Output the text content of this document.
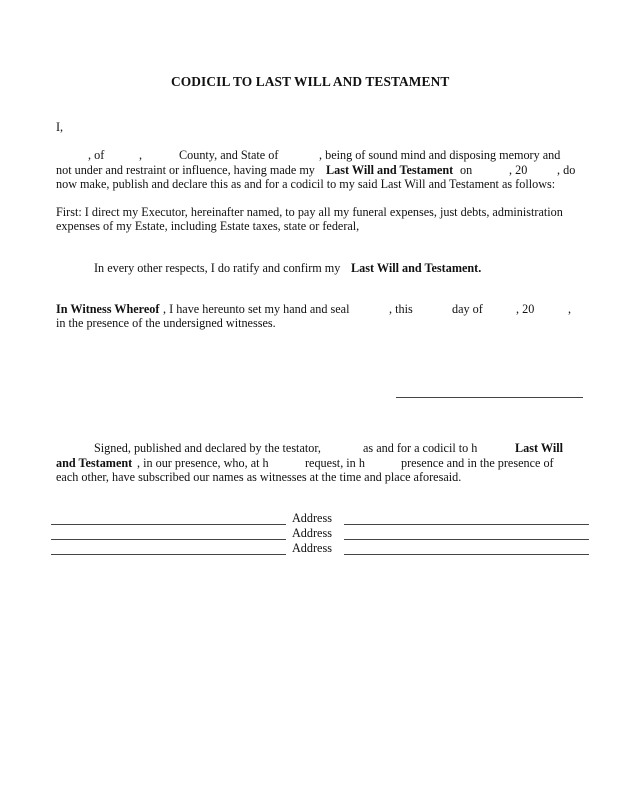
CODICIL TO LAST WILL AND TESTAMENT
I,
, of	,	County, and State of	, being of sound mind and disposing memory and
not under and restraint or influence, having made my Last Will and Testament on	, 20 , do
now make, publish and declare this as and for a codicil to my said Last Will and Testament as follows:
First: I direct my Executor, hereinafter named, to pay all my funeral expenses, just debts, administration
expenses of my Estate, including Estate taxes, state or federal,
In every other respects, I do ratify and confirm my Last Will and Testament.
In Witness Whereof , I have hereunto set my hand and seal	, this	day of	, 20	,
in the presence of the undersigned witnesses.
Signed, published and declared by the testator,	as and for a codicil to h	Last Will
and Testament , in our presence, who, at h	request, in h	presence and in the presence of
each other, have subscribed our names as witnesses at the time and place aforesaid.
Address
Address
Address
